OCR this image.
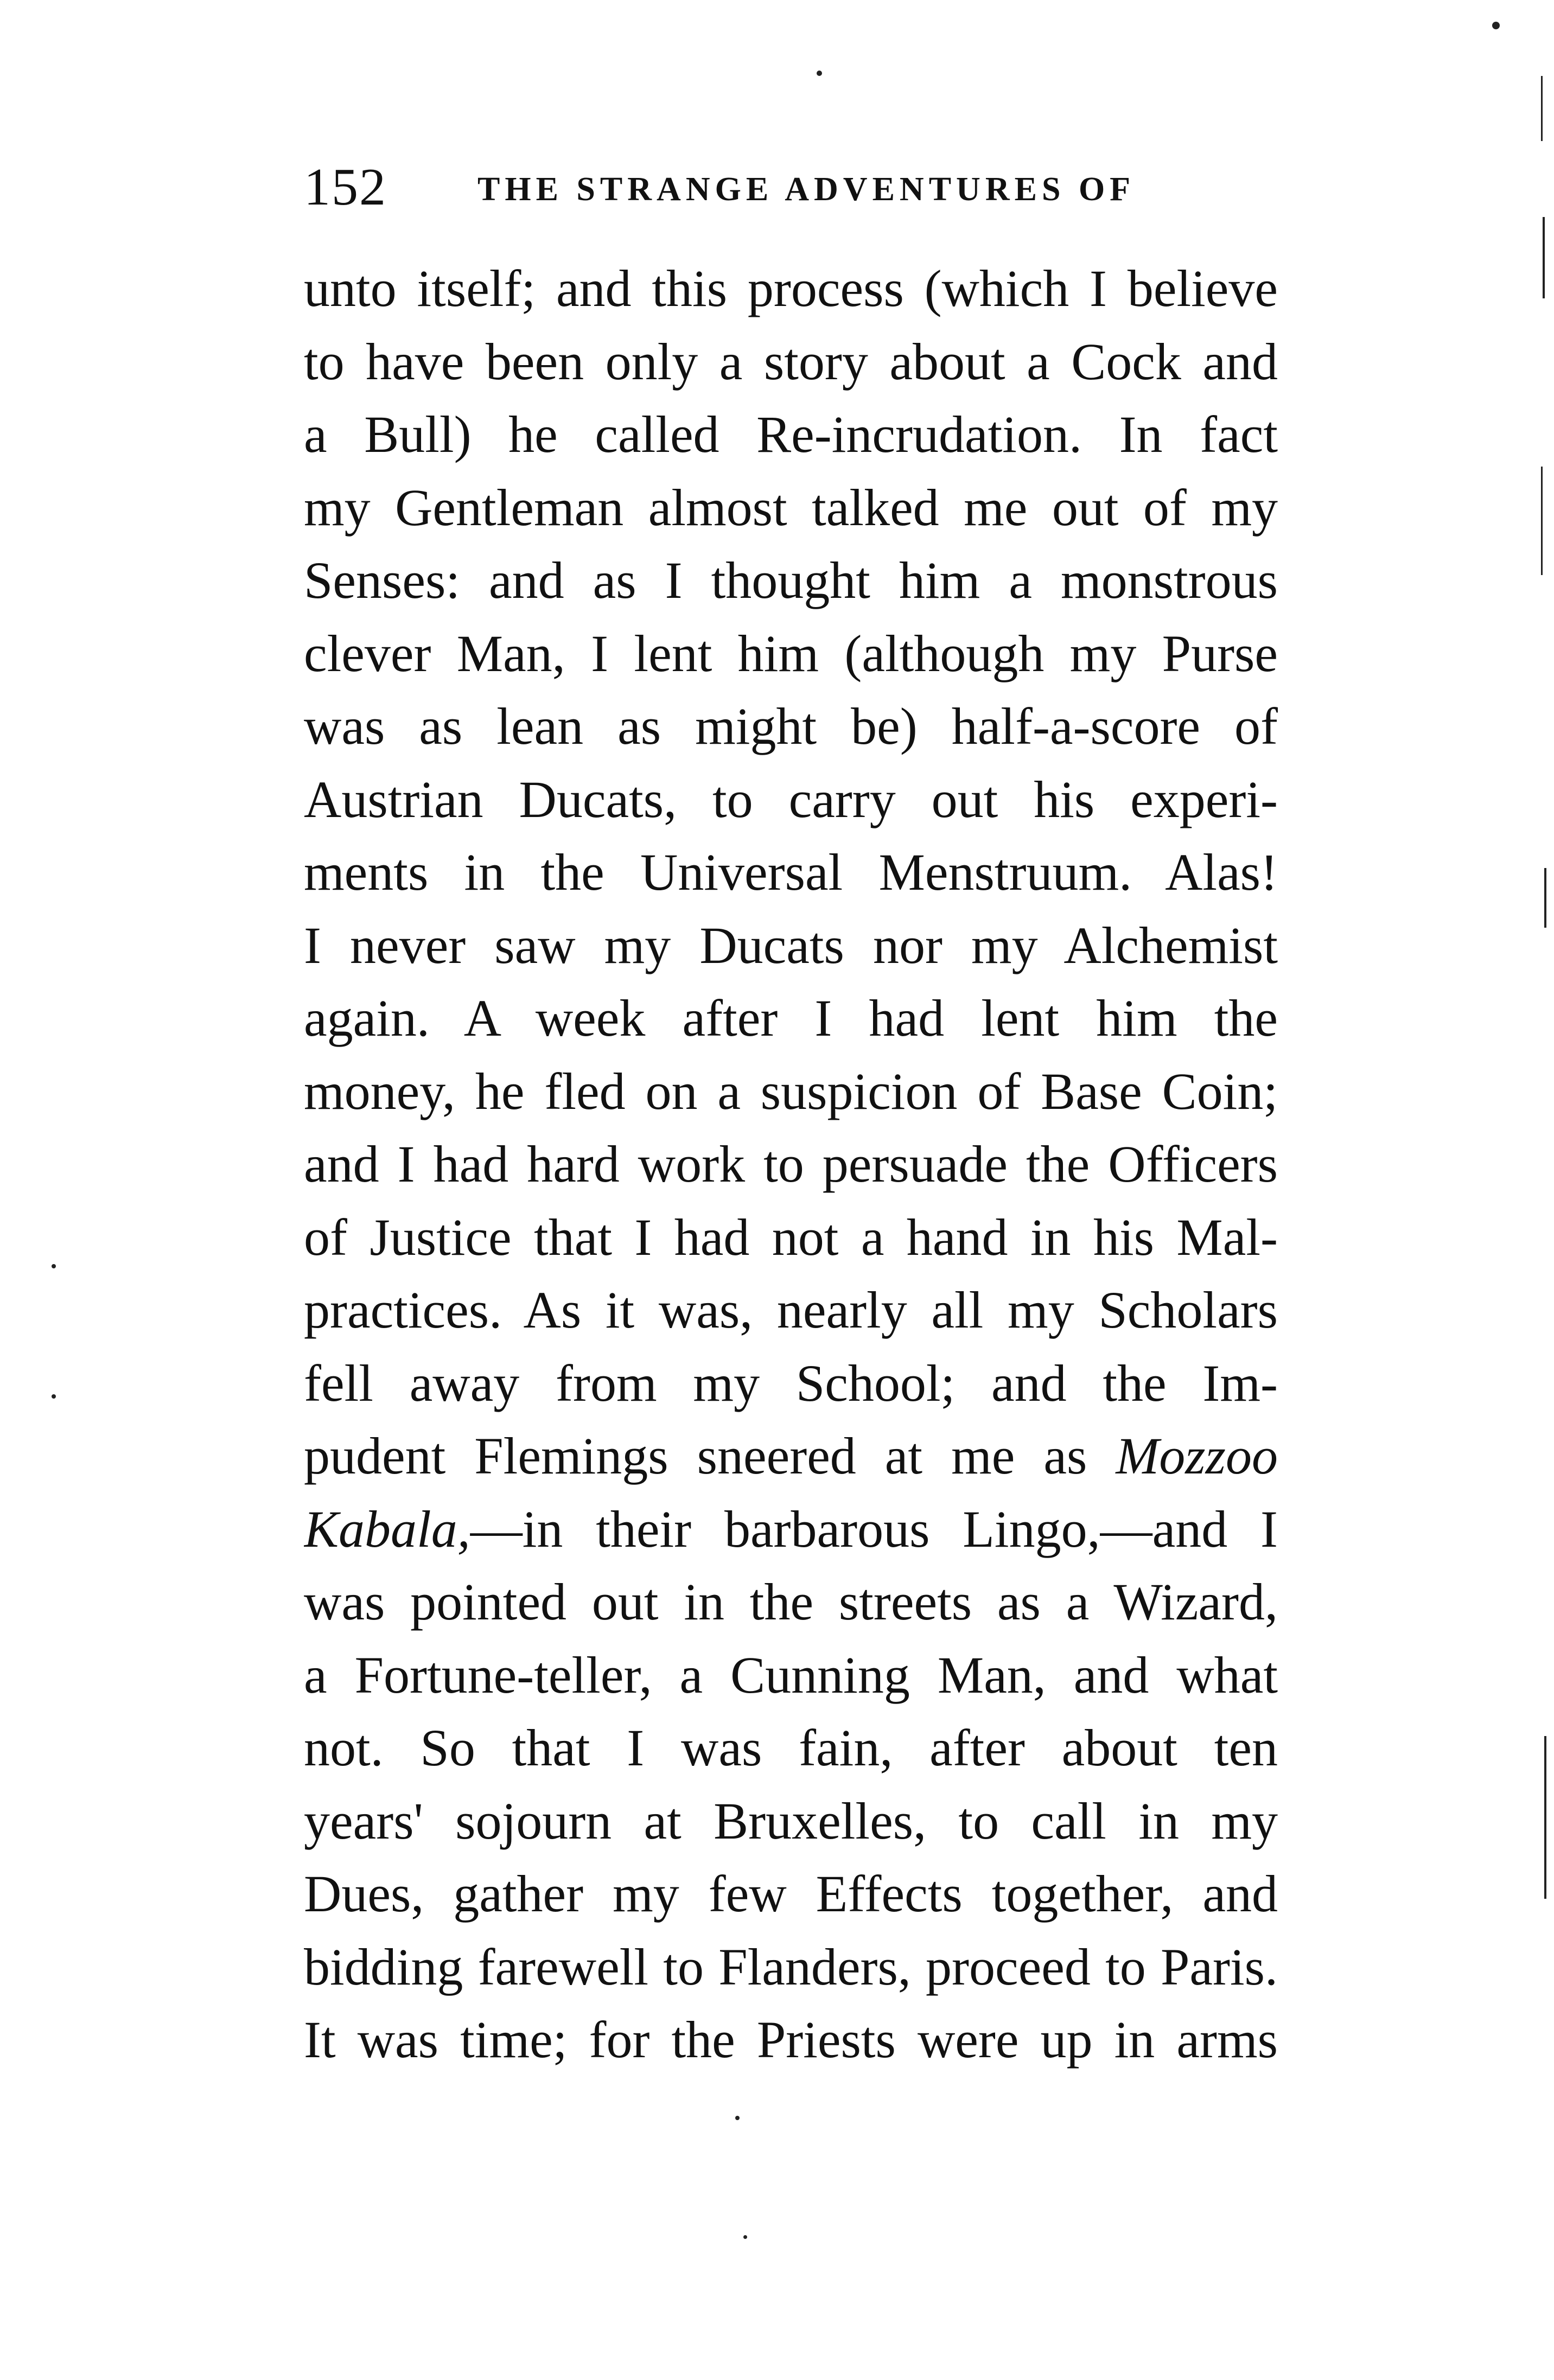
152	THE STRANGE ADVENTURES OF
unto itself; and this process (which I believe
to have been only a story about a Cock and
a Bull) he called Re-incrudation. In fact
my Gentleman almost talked me out of my
Senses: and as I thought him a monstrous
clever Man, I lent him (although my Purse
was as lean as might be) half-a-score of
Austrian Ducats, to carry out his experi-
ments in the Universal Menstruum. Alas!
I never saw my Ducats nor my Alchemist
again. A week after I had lent him the
money, he fled on a suspicion of Base Coin;
and I had hard work to persuade the Officers
of Justice that I had not a hand in his Mal-
practices. As it was, nearly all my Scholars
fell away from my School; and the Im-
pudent Flemings sneered at me as Mozzoo
Kabala,—in their barbarous Lingo,—and I
was pointed out in the streets as a Wizard,
a Fortune-teller, a Cunning Man, and what
not. So that I was fain, after about ten
years' sojourn at Bruxelles, to call in my
Dues, gather my few Effects together, and
bidding farewell to Flanders, proceed to Paris.
It was time; for the Priests were up in arms
